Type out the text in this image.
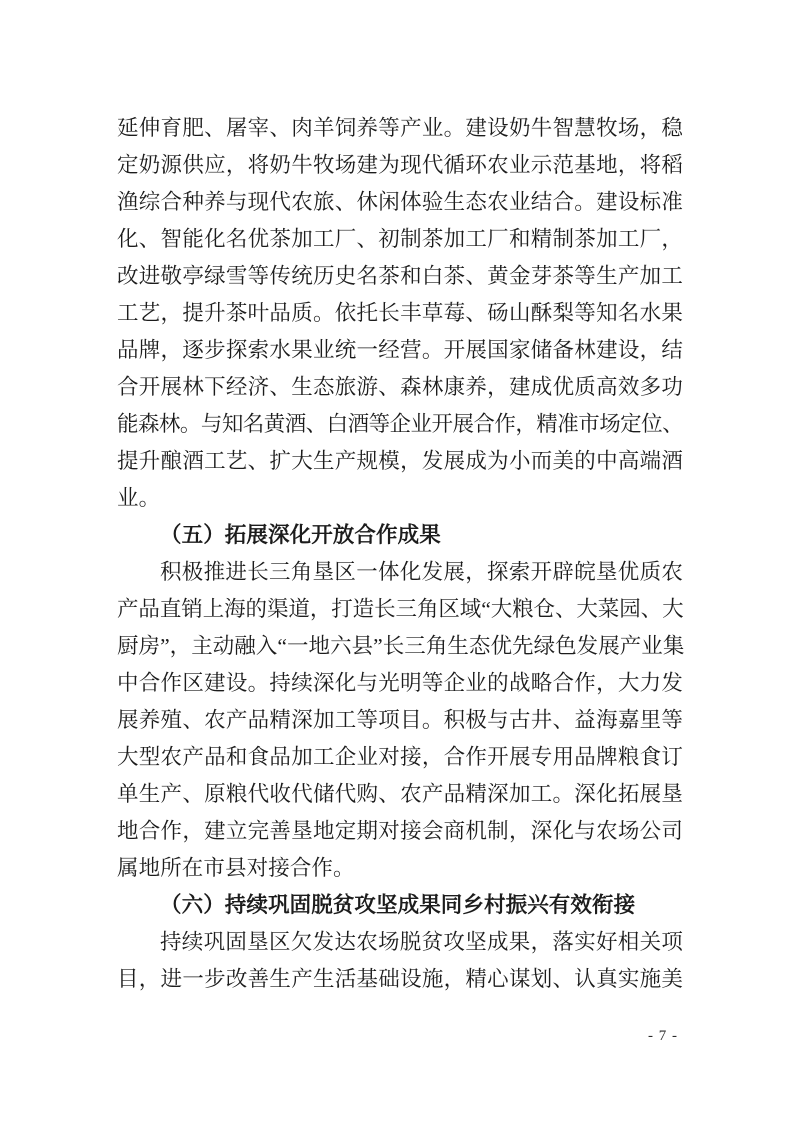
延伸育肥、屠宰、肉羊饲养等产业。建设奶牛智慧牧场，稳
定奶源供应，将奶牛牧场建为现代循环农业示范基地，将稻
渔综合种养与现代农旅、休闲体验生态农业结合。建设标准
化、智能化名优茶加工厂、初制茶加工厂和精制茶加工厂，
改进敬亭绿雪等传统历史名茶和白茶、黄金芽茶等生产加工
工艺，提升茶叶品质。依托长丰草莓、砀山酥梨等知名水果
品牌，逐步探索水果业统一经营。开展国家储备林建设，结
合开展林下经济、生态旅游、森林康养，建成优质高效多功
能森林。与知名黄酒、白酒等企业开展合作，精准市场定位、
提升酿酒工艺、扩大生产规模，发展成为小而美的中高端酒
业。
（五）拓展深化开放合作成果
积极推进长三角垦区一体化发展，探索开辟皖垦优质农
产品直销上海的渠道，打造长三角区域“大粮仓、大菜园、大
厨房”，主动融入“一地六县”长三角生态优先绿色发展产业集
中合作区建设。持续深化与光明等企业的战略合作，大力发
展养殖、农产品精深加工等项目。积极与古井、益海嘉里等
大型农产品和食品加工企业对接，合作开展专用品牌粮食订
单生产、原粮代收代储代购、农产品精深加工。深化拓展垦
地合作，建立完善垦地定期对接会商机制，深化与农场公司
属地所在市县对接合作。
（六）持续巩固脱贫攻坚成果同乡村振兴有效衔接
持续巩固垦区欠发达农场脱贫攻坚成果，落实好相关项
目，进一步改善生产生活基础设施，精心谋划、认真实施美
- 7 -
